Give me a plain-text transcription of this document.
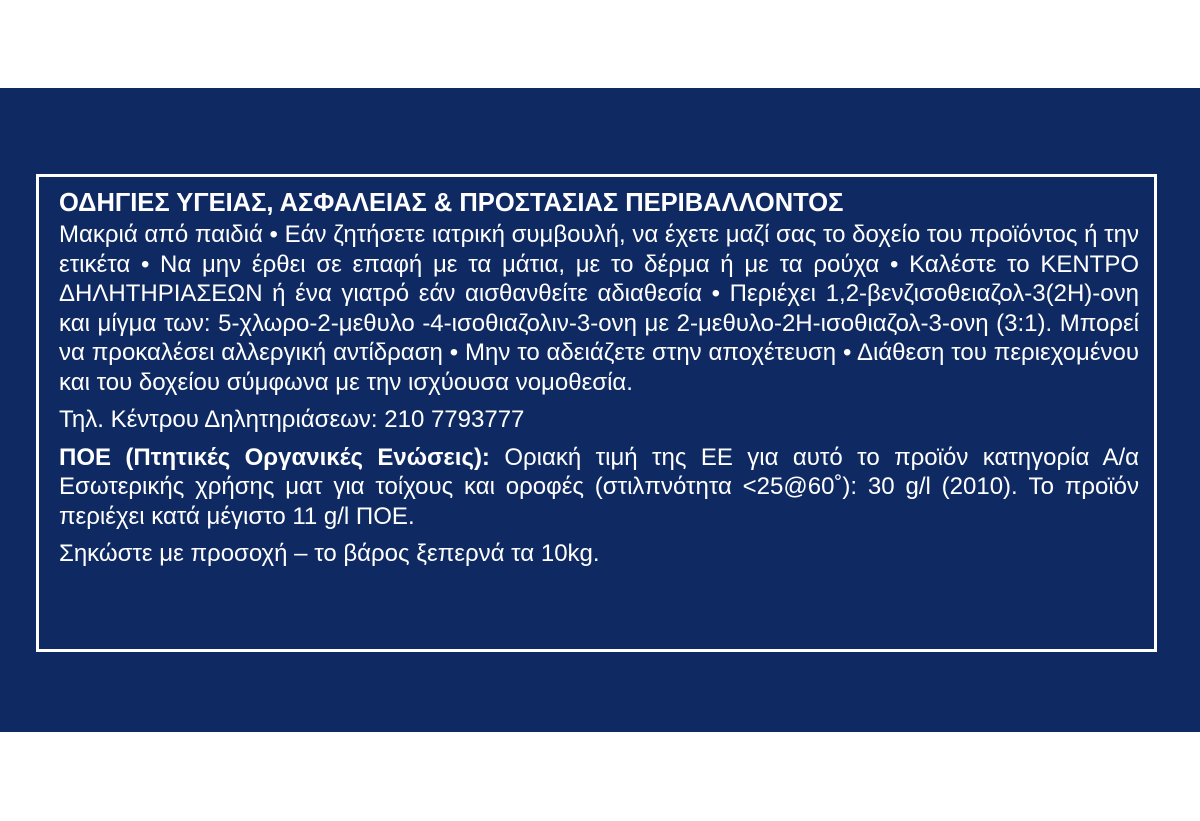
ΟΔΗΓΙΕΣ ΥΓΕΙΑΣ, ΑΣΦΑΛΕΙΑΣ & ΠΡΟΣΤΑΣΙΑΣ ΠΕΡΙΒΑΛΛΟΝΤΟΣ

Μακριά από παιδιά • Εάν ζητήσετε ιατρική συμβουλή, να έχετε μαζί σας το δοχείο του προϊόντος ή την ετικέτα • Να μην έρθει σε επαφή με τα μάτια, με το δέρμα ή με τα ρούχα • Καλέστε το ΚΕΝΤΡΟ ΔΗΛΗΤΗΡΙΑΣΕΩΝ ή ένα γιατρό εάν αισθανθείτε αδιαθεσία • Περιέχει 1,2-βενζισοθειαζολ-3(2H)-ονη και μίγμα των: 5-χλωρο-2-μεθυλο -4-ισοθιαζολιν-3-ονη με 2-μεθυλο-2H-ισοθιαζολ-3-ονη (3:1). Μπορεί να προκαλέσει αλλεργική αντίδραση • Μην το αδειάζετε στην αποχέτευση • Διάθεση του περιεχομένου και του δοχείου σύμφωνα με την ισχύουσα νομοθεσία.

Τηλ. Κέντρου Δηλητηριάσεων: 210 7793777

ΠΟΕ (Πτητικές Οργανικές Ενώσεις): Οριακή τιμή της ΕΕ για αυτό το προϊόν κατηγορία Α/α Εσωτερικής χρήσης ματ για τοίχους και οροφές (στιλπνότητα <25@60˚): 30 g/l (2010). Το προϊόν περιέχει κατά μέγιστο 11 g/l ΠΟΕ.

Σηκώστε με προσοχή – το βάρος ξεπερνά τα 10kg.
